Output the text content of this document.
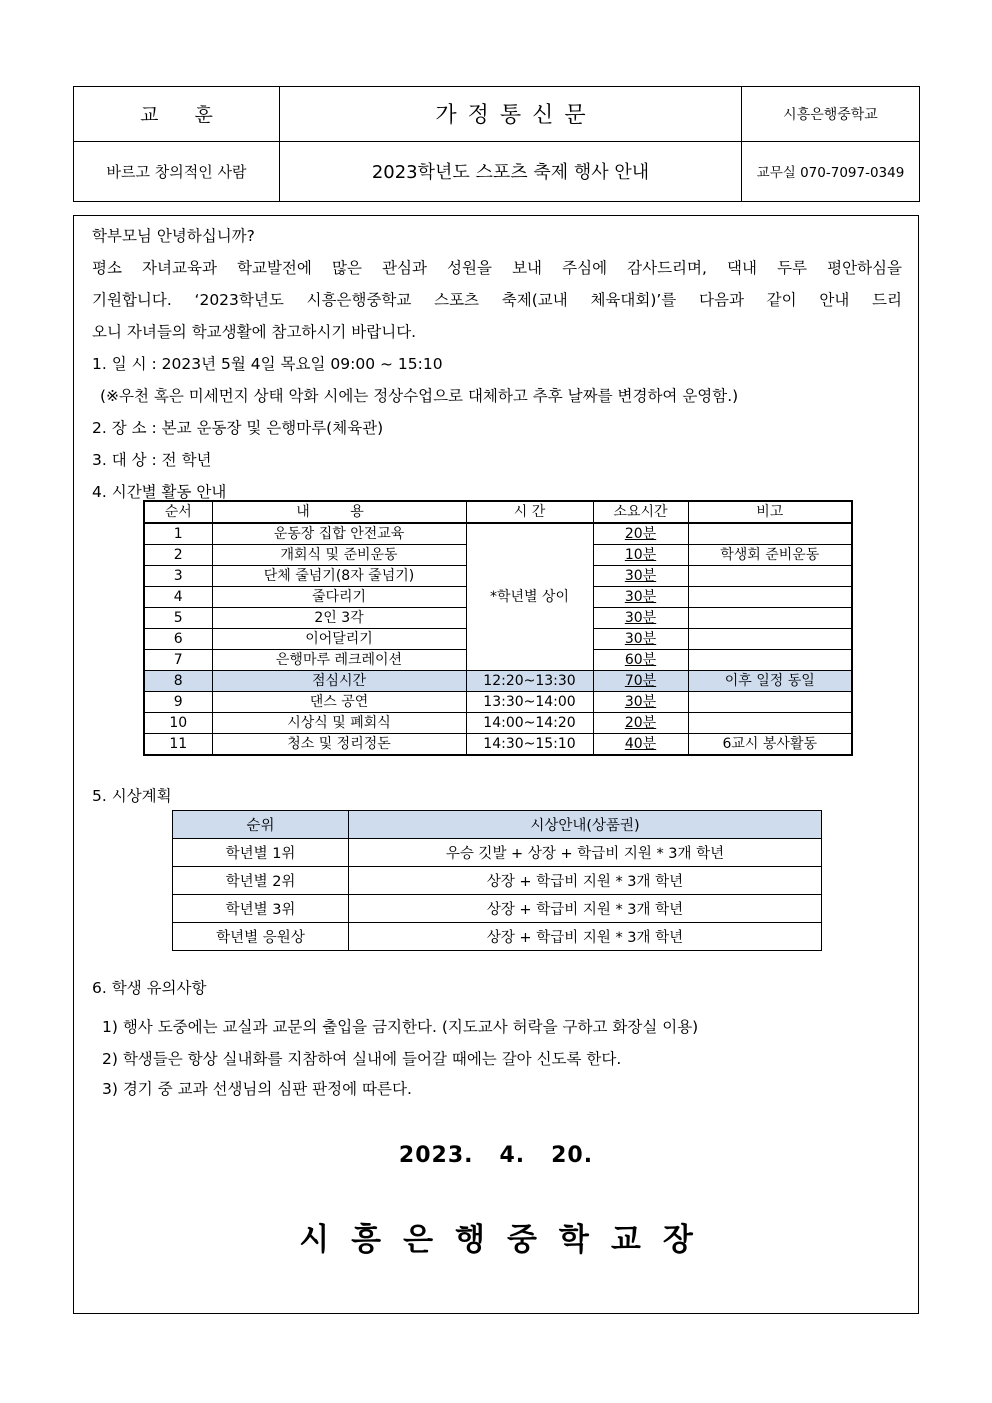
교훈	가정통신문	시흥은행중학교
바르고 창의적인 사람	2023학년도 스포츠 축제 행사 안내	교무실 070-7097-0349
학부모님 안녕하십니까?
평소 자녀교육과 학교발전에 많은 관심과 성원을 보내 주심에 감사드리며, 댁내 두루 평안하심을
기원합니다. ‘2023학년도 시흥은행중학교 스포츠 축제(교내 체육대회)’를 다음과 같이 안내 드리
오니 자녀들의 학교생활에 참고하시기 바랍니다.
1. 일 시 : 2023년 5월 4일 목요일 09:00 ~ 15:10
(※우천 혹은 미세먼지 상태 악화 시에는 정상수업으로 대체하고 추후 날짜를 변경하여 운영함.)
2. 장 소 : 본교 운동장 및 은행마루(체육관)
3. 대 상 : 전 학년
4. 시간별 활동 안내
순서	내 용	시 간	소요시간	비고
1	운동장 집합 안전교육	*학년별 상이	20분	
2	개회식 및 준비운동		10분	학생회 준비운동
3	단체 줄넘기(8자 줄넘기)		30분	
4	줄다리기		30분	
5	2인 3각		30분	
6	이어달리기		30분	
7	은행마루 레크레이션		60분	
8	점심시간	12:20~13:30	70분	이후 일정 동일
9	댄스 공연	13:30~14:00	30분	
10	시상식 및 폐회식	14:00~14:20	20분	
11	청소 및 정리정돈	14:30~15:10	40분	6교시 봉사활동
5. 시상계획
순위	시상안내(상품권)
학년별 1위	우승 깃발 + 상장 + 학급비 지원 * 3개 학년
학년별 2위	상장 + 학급비 지원 * 3개 학년
학년별 3위	상장 + 학급비 지원 * 3개 학년
학년별 응원상	상장 + 학급비 지원 * 3개 학년
6. 학생 유의사항
1) 행사 도중에는 교실과 교문의 출입을 금지한다. (지도교사 허락을 구하고 화장실 이용)
2) 학생들은 항상 실내화를 지참하여 실내에 들어갈 때에는 갈아 신도록 한다.
3) 경기 중 교과 선생님의 심판 판정에 따른다.
2023.   4.   20.
시흥은행중학교장
